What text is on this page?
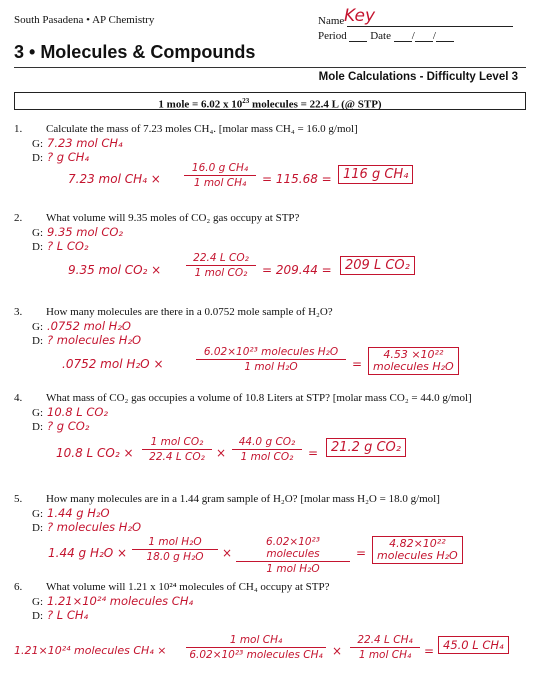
South Pasadena • AP Chemistry	Key
Name
Period Date / /
3 • Molecules & Compounds
Mole Calculations - Difficulty Level 3
1 mole = 6.02 x $10^{23}$ molecules = 22.4 L (@ STP)
1.	Calculate the mass of 7.23 moles CH₄. [molar mass CH₄ = 16.0 g/mol]
G: 7.23 mol CH₄
D: ? g CH₄
7.23 mol CH₄ ×
16.0 g CH₄
1 mol CH₄	= 115.68 = 116 g CH₄
2.	What volume will 9.35 moles of CO₂ gas occupy at STP?
G: 9.35 mol CO₂
D: ? L CO₂
9.35 mol CO₂ ×
22.4 L CO₂
1 mol CO₂	= 209.44 =	209 L CO₂
3.	How many molecules are there in a 0.0752 mole sample of H₂O?
G: .0752 mol H₂O
D: ? molecules H₂O
.0752 mol H₂O ×
6.02×10²³ molecules H₂O
1 mol H₂O	=
4.53 ×10²²
molecules H₂O
4.	What mass of CO₂ gas occupies a volume of 10.8 Liters at STP? [molar mass CO₂ = 44.0 g/mol]
G: 10.8 L CO₂
D: ? g CO₂
10.8 L CO₂ ×
1 mol CO₂
22.4 L CO₂ ×
44.0 g CO₂
1 mol CO₂	= 21.2 g CO₂
5.	How many molecules are in a 1.44 gram sample of H₂O? [molar mass H₂O = 18.0 g/mol]
G: 1.44 g H₂O
D: ? molecules H₂O
1.44 g H₂O ×
1 mol H₂O
18.0 g H₂O	×
6.02×10²³ molecules
1 mol H₂O
=
4.82×10²²
molecules H₂O
6.	What volume will 1.21 x 10²⁴ molecules of CH₄ occupy at STP?
G: 1.21×10²⁴ molecules CH₄
D: ? L CH₄
1.21×10²⁴ molecules CH₄ ×
1 mol CH₄
6.02×10²³ molecules CH₄ ×
22.4 L CH₄
1 mol CH₄	= 45.0 L CH₄
